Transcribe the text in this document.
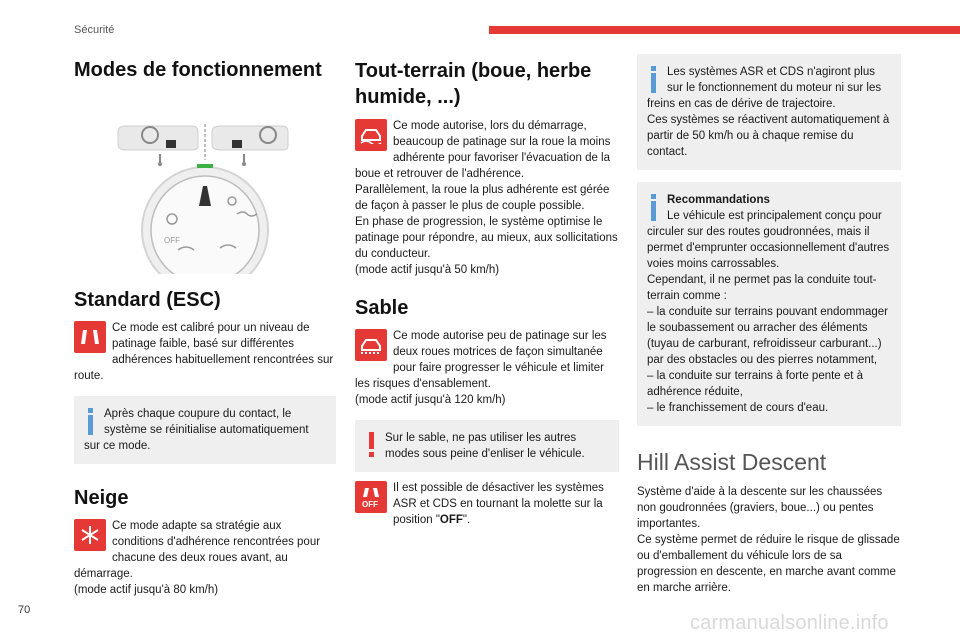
Sécurité
Modes de fonctionnement
OFF
Standard (ESC)
Ce mode est calibré pour un niveau de patinage faible, basé sur différentes adhérences habituellement rencontrées sur route.
Après chaque coupure du contact, le système se réinitialise automatiquement sur ce mode.
Neige
Ce mode adapte sa stratégie aux conditions d'adhérence rencontrées pour chacune des deux roues avant, au démarrage.
(mode actif jusqu'à 80 km/h)
Tout-terrain (boue, herbe humide, ...)
Ce mode autorise, lors du démarrage, beaucoup de patinage sur la roue la moins adhérente pour favoriser l'évacuation de la boue et retrouver de l'adhérence.
Parallèlement, la roue la plus adhérente est gérée de façon à passer le plus de couple possible.
En phase de progression, le système optimise le patinage pour répondre, au mieux, aux sollicitations du conducteur.
(mode actif jusqu'à 50 km/h)
Sable
Ce mode autorise peu de patinage sur les deux roues motrices de façon simultanée pour faire progresser le véhicule et limiter les risques d'ensablement.
(mode actif jusqu'à 120 km/h)
Sur le sable, ne pas utiliser les autres modes sous peine d'enliser le véhicule.
OFF
Il est possible de désactiver les systèmes ASR et CDS en tournant la molette sur la position "OFF".
Les systèmes ASR et CDS n'agiront plus sur le fonctionnement du moteur ni sur les freins en cas de dérive de trajectoire.
Ces systèmes se réactivent automatiquement à partir de 50 km/h ou à chaque remise du contact.
Recommandations
Le véhicule est principalement conçu pour circuler sur des routes goudronnées, mais il permet d'emprunter occasionnellement d'autres voies moins carrossables.
Cependant, il ne permet pas la conduite tout-terrain comme :
– la conduite sur terrains pouvant endommager le soubassement ou arracher des éléments (tuyau de carburant, refroidisseur carburant...) par des obstacles ou des pierres notamment,
– la conduite sur terrains à forte pente et à adhérence réduite,
– le franchissement de cours d'eau.
Hill Assist Descent
Système d'aide à la descente sur les chaussées non goudronnées (graviers, boue...) ou pentes importantes.
Ce système permet de réduire le risque de glissade ou d'emballement du véhicule lors de sa progression en descente, en marche avant comme en marche arrière.
70
carmanualsonline.info
